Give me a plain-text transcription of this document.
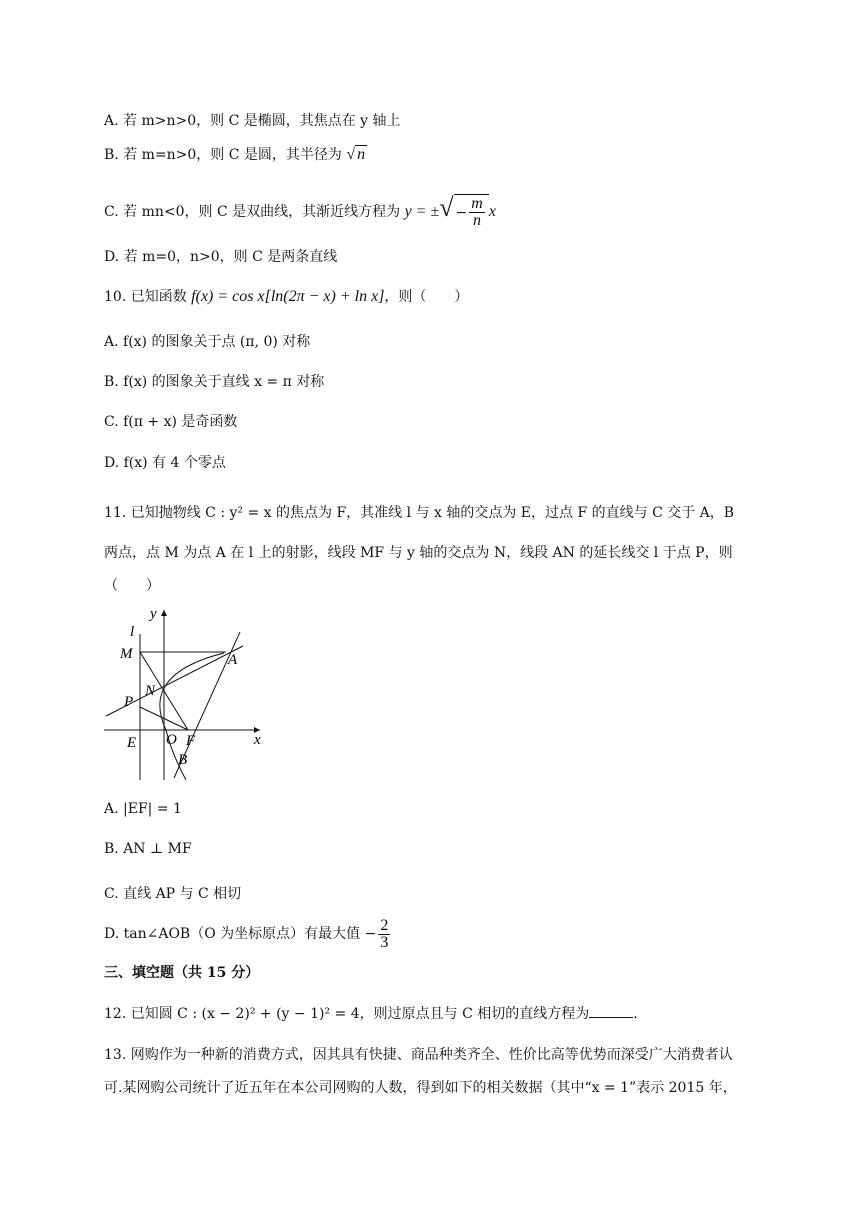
A. 若 m>n>0，则 C 是椭圆，其焦点在 y 轴上
B. 若 m=n>0，则 C 是圆，其半径为 √ n
C. 若 mn<0，则 C 是双曲线，其渐近线方程为 y = ±√ − $\frac{m}{n}$ x
D. 若 m=0，n>0，则 C 是两条直线
10. 已知函数 f(x) = cos x[ln(2π − x) + ln x]，则（　　）
A. f(x) 的图象关于点 (π, 0) 对称
B. f(x) 的图象关于直线 x = π 对称
C. f(π + x) 是奇函数
D. f(x) 有 4 个零点
11. 已知抛物线 C : y² = x 的焦点为 F，其准线 l 与 x 轴的交点为 E，过点 F 的直线与 C 交于 A，B
两点，点 M 为点 A 在 l 上的射影，线段 MF 与 y 轴的交点为 N，线段 AN 的延长线交 l 于点 P，则
（　　）
y
l
M	A
N
P
E O F
B
x
A. |EF| = 1
B. AN ⊥ MF
C. 直线 AP 与 C 相切
D. tan∠AOB（O 为坐标原点）有最大值 − $\frac{2}{3}$
三、填空题（共 15 分）
12. 已知圆 C : (x − 2)² + (y − 1)² = 4，则过原点且与 C 相切的直线方程为	.
13. 网购作为一种新的消费方式，因其具有快捷、商品种类齐全、性价比高等优势而深受广大消费者认
可.某网购公司统计了近五年在本公司网购的人数，得到如下的相关数据（其中“x = 1”表示 2015 年，
